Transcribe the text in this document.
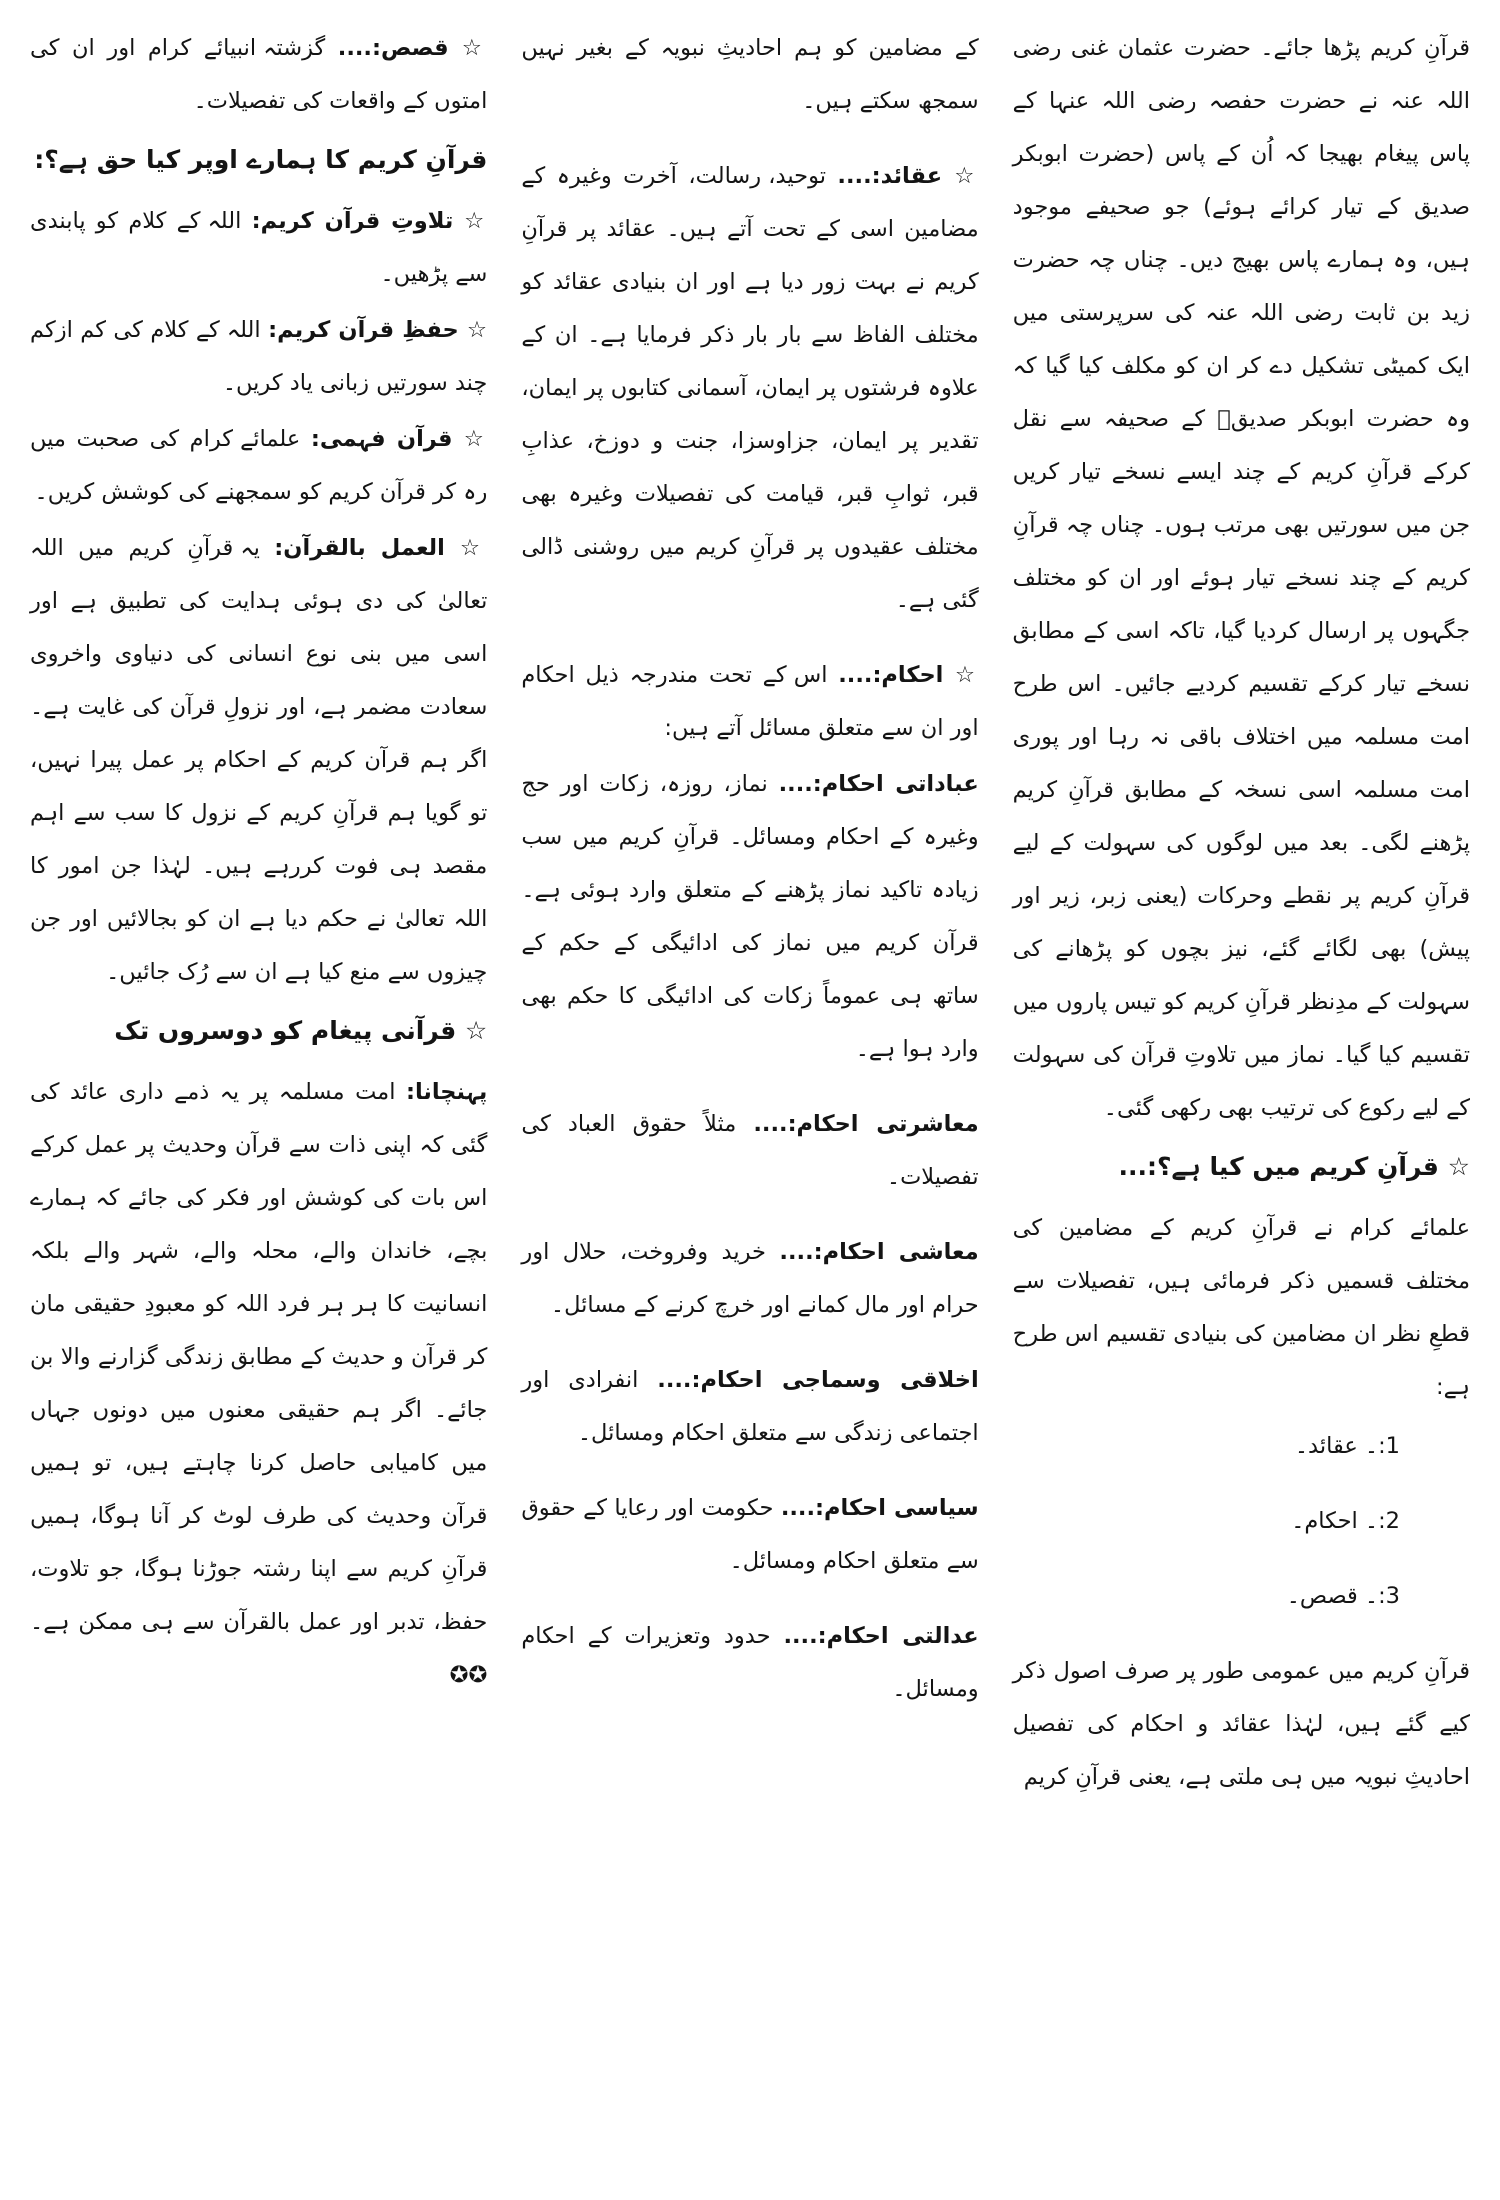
قرآنِ کریم پڑھا جائے۔ حضرت عثمان غنی رضی اللہ عنہ نے حضرت حفصہ رضی اللہ عنہا کے پاس پیغام بھیجا کہ اُن کے پاس (حضرت ابوبکر صدیق کے تیار کرائے ہوئے) جو صحیفے موجود ہیں، وہ ہمارے پاس بھیج دیں۔ چناں چہ حضرت زید بن ثابت رضی اللہ عنہ کی سرپرستی میں ایک کمیٹی تشکیل دے کر ان کو مکلف کیا گیا کہ وہ حضرت ابوبکر صدیقؓ کے صحیفہ سے نقل کرکے قرآنِ کریم کے چند ایسے نسخے تیار کریں جن میں سورتیں بھی مرتب ہوں۔ چناں چہ قرآنِ کریم کے چند نسخے تیار ہوئے اور ان کو مختلف جگہوں پر ارسال کردیا گیا، تاکہ اسی کے مطابق نسخے تیار کرکے تقسیم کردیے جائیں۔ اس طرح امت مسلمہ میں اختلاف باقی نہ رہا اور پوری امت مسلمہ اسی نسخہ کے مطابق قرآنِ کریم پڑھنے لگی۔ بعد میں لوگوں کی سہولت کے لیے قرآنِ کریم پر نقطے وحرکات (یعنی زبر، زیر اور پیش) بھی لگائے گئے، نیز بچوں کو پڑھانے کی سہولت کے مدِنظر قرآنِ کریم کو تیس پاروں میں تقسیم کیا گیا۔ نماز میں تلاوتِ قرآن کی سہولت کے لیے رکوع کی ترتیب بھی رکھی گئی۔

☆ قرآنِ کریم میں کیا ہے؟:...

علمائے کرام نے قرآنِ کریم کے مضامین کی مختلف قسمیں ذکر فرمائی ہیں، تفصیلات سے قطعِ نظر ان مضامین کی بنیادی تقسیم اس طرح ہے:

1:۔ عقائد۔
2:۔ احکام۔
3:۔ قصص۔

قرآنِ کریم میں عمومی طور پر صرف اصول ذکر کیے گئے ہیں، لہٰذا عقائد و احکام کی تفصیل احادیثِ نبویہ میں ہی ملتی ہے، یعنی قرآنِ کریم

کے مضامین کو ہم احادیثِ نبویہ کے بغیر نہیں سمجھ سکتے ہیں۔

☆ عقائد:.... توحید، رسالت، آخرت وغیرہ کے مضامین اسی کے تحت آتے ہیں۔ عقائد پر قرآنِ کریم نے بہت زور دیا ہے اور ان بنیادی عقائد کو مختلف الفاظ سے بار بار ذکر فرمایا ہے۔ ان کے علاوہ فرشتوں پر ایمان، آسمانی کتابوں پر ایمان، تقدیر پر ایمان، جزاوسزا، جنت و دوزخ، عذابِ قبر، ثوابِ قبر، قیامت کی تفصیلات وغیرہ بھی مختلف عقیدوں پر قرآنِ کریم میں روشنی ڈالی گئی ہے۔

☆ احکام:.... اس کے تحت مندرجہ ذیل احکام اور ان سے متعلق مسائل آتے ہیں:

عباداتی احکام:.... نماز، روزہ، زکات اور حج وغیرہ کے احکام ومسائل۔ قرآنِ کریم میں سب زیادہ تاکید نماز پڑھنے کے متعلق وارد ہوئی ہے۔ قرآن کریم میں نماز کی ادائیگی کے حکم کے ساتھ ہی عموماً زکات کی ادائیگی کا حکم بھی وارد ہوا ہے۔

معاشرتی احکام:.... مثلاً حقوق العباد کی تفصیلات۔

معاشی احکام:.... خرید وفروخت، حلال اور حرام اور مال کمانے اور خرچ کرنے کے مسائل۔

اخلاقی وسماجی احکام:.... انفرادی اور اجتماعی زندگی سے متعلق احکام ومسائل۔

سیاسی احکام:.... حکومت اور رعایا کے حقوق سے متعلق احکام ومسائل۔

عدالتی احکام:.... حدود وتعزیرات کے احکام ومسائل۔

☆ قصص:.... گزشتہ انبیائے کرام اور ان کی امتوں کے واقعات کی تفصیلات۔

قرآنِ کریم کا ہمارے اوپر کیا حق ہے؟:

☆ تلاوتِ قرآن کریم: اللہ کے کلام کو پابندی سے پڑھیں۔

☆ حفظِ قرآن کریم: اللہ کے کلام کی کم ازکم چند سورتیں زبانی یاد کریں۔

☆ قرآن فہمی: علمائے کرام کی صحبت میں رہ کر قرآن کریم کو سمجھنے کی کوشش کریں۔

☆ العمل بالقرآن: یہ قرآنِ کریم میں اللہ تعالیٰ کی دی ہوئی ہدایت کی تطبیق ہے اور اسی میں بنی نوع انسانی کی دنیاوی واخروی سعادت مضمر ہے، اور نزولِ قرآن کی غایت ہے۔ اگر ہم قرآن کریم کے احکام پر عمل پیرا نہیں، تو گویا ہم قرآنِ کریم کے نزول کا سب سے اہم مقصد ہی فوت کررہے ہیں۔ لہٰذا جن امور کا اللہ تعالیٰ نے حکم دیا ہے ان کو بجالائیں اور جن چیزوں سے منع کیا ہے ان سے رُک جائیں۔

☆ قرآنی پیغام کو دوسروں تک

پہنچانا: امت مسلمہ پر یہ ذمے داری عائد کی گئی کہ اپنی ذات سے قرآن وحدیث پر عمل کرکے اس بات کی کوشش اور فکر کی جائے کہ ہمارے بچے، خاندان والے، محلہ والے، شہر والے بلکہ انسانیت کا ہر ہر فرد اللہ کو معبودِ حقیقی مان کر قرآن و حدیث کے مطابق زندگی گزارنے والا بن جائے۔ اگر ہم حقیقی معنوں میں دونوں جہاں میں کامیابی حاصل کرنا چاہتے ہیں، تو ہمیں قرآن وحدیث کی طرف لوٹ کر آنا ہوگا، ہمیں قرآنِ کریم سے اپنا رشتہ جوڑنا ہوگا، جو تلاوت، حفظ، تدبر اور عمل بالقرآن سے ہی ممکن ہے۔ ✪✪
